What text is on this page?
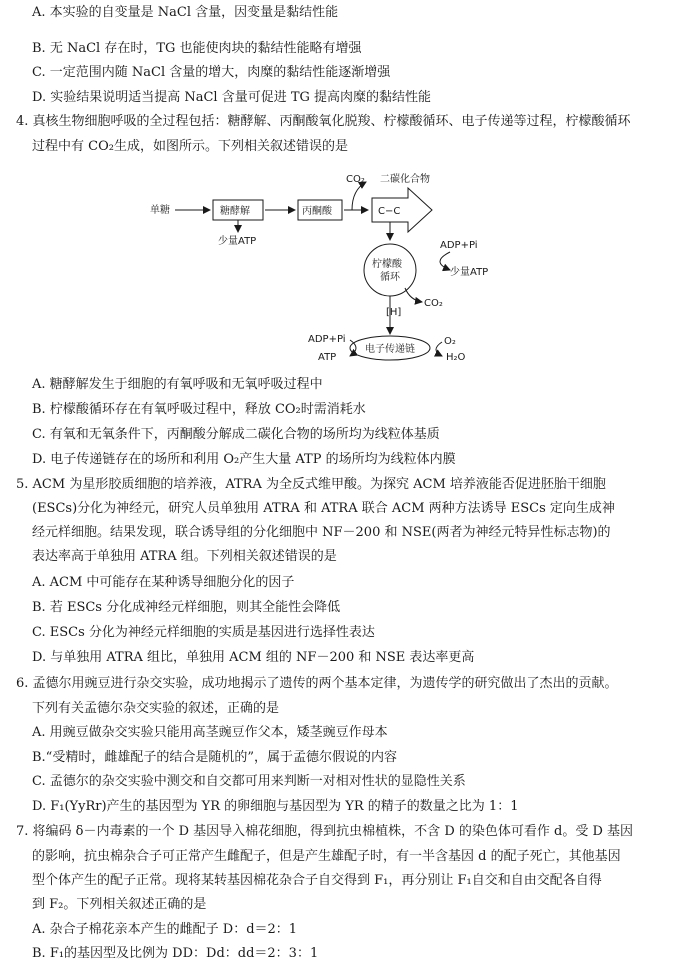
A. 本实验的自变量是 NaCl 含量，因变量是黏结性能
B. 无 NaCl 存在时，TG 也能使肉块的黏结性能略有增强
C. 一定范围内随 NaCl 含量的增大，肉糜的黏结性能逐渐增强
D. 实验结果说明适当提高 NaCl 含量可促进 TG 提高肉糜的黏结性能
4. 真核生物细胞呼吸的全过程包括：糖酵解、丙酮酸氧化脱羧、柠檬酸循环、电子传递等过程，柠檬酸循环
过程中有 CO₂生成，如图所示。下列相关叙述错误的是
单糖	糖酵解
少量ATP
丙酮酸
CO₂ 二碳化合物
C−C
柠檬酸
循环
ADP+Pi
少量ATP
CO₂
[H]
电子传递链
ADP+Pi
ATP
O₂
H₂O
A. 糖酵解发生于细胞的有氧呼吸和无氧呼吸过程中
B. 柠檬酸循环存在有氧呼吸过程中，释放 CO₂时需消耗水
C. 有氧和无氧条件下，丙酮酸分解成二碳化合物的场所均为线粒体基质
D. 电子传递链存在的场所和利用 O₂产生大量 ATP 的场所均为线粒体内膜
5. ACM 为星形胶质细胞的培养液，ATRA 为全反式维甲酸。为探究 ACM 培养液能否促进胚胎干细胞
(ESCs)分化为神经元，研究人员单独用 ATRA 和 ATRA 联合 ACM 两种方法诱导 ESCs 定向生成神
经元样细胞。结果发现，联合诱导组的分化细胞中 NF－200 和 NSE(两者为神经元特异性标志物)的
表达率高于单独用 ATRA 组。下列相关叙述错误的是
A. ACM 中可能存在某种诱导细胞分化的因子
B. 若 ESCs 分化成神经元样细胞，则其全能性会降低
C. ESCs 分化为神经元样细胞的实质是基因进行选择性表达
D. 与单独用 ATRA 组比，单独用 ACM 组的 NF－200 和 NSE 表达率更高
6. 孟德尔用豌豆进行杂交实验，成功地揭示了遗传的两个基本定律，为遗传学的研究做出了杰出的贡献。
下列有关孟德尔杂交实验的叙述，正确的是
A. 用豌豆做杂交实验只能用高茎豌豆作父本，矮茎豌豆作母本
B.“受精时，雌雄配子的结合是随机的”，属于孟德尔假说的内容
C. 孟德尔的杂交实验中测交和自交都可用来判断一对相对性状的显隐性关系
D. F₁(YyRr)产生的基因型为 YR 的卵细胞与基因型为 YR 的精子的数量之比为 1：1
7. 将编码 δ－内毒素的一个 D 基因导入棉花细胞，得到抗虫棉植株，不含 D 的染色体可看作 d。受 D 基因
的影响，抗虫棉杂合子可正常产生雌配子，但是产生雄配子时，有一半含基因 d 的配子死亡，其他基因
型个体产生的配子正常。现将某转基因棉花杂合子自交得到 F₁，再分别让 F₁自交和自由交配各自得
到 F₂。下列相关叙述正确的是
A. 杂合子棉花亲本产生的雌配子 D：d＝2：1
B. F₁的基因型及比例为 DD：Dd：dd＝2：3：1
